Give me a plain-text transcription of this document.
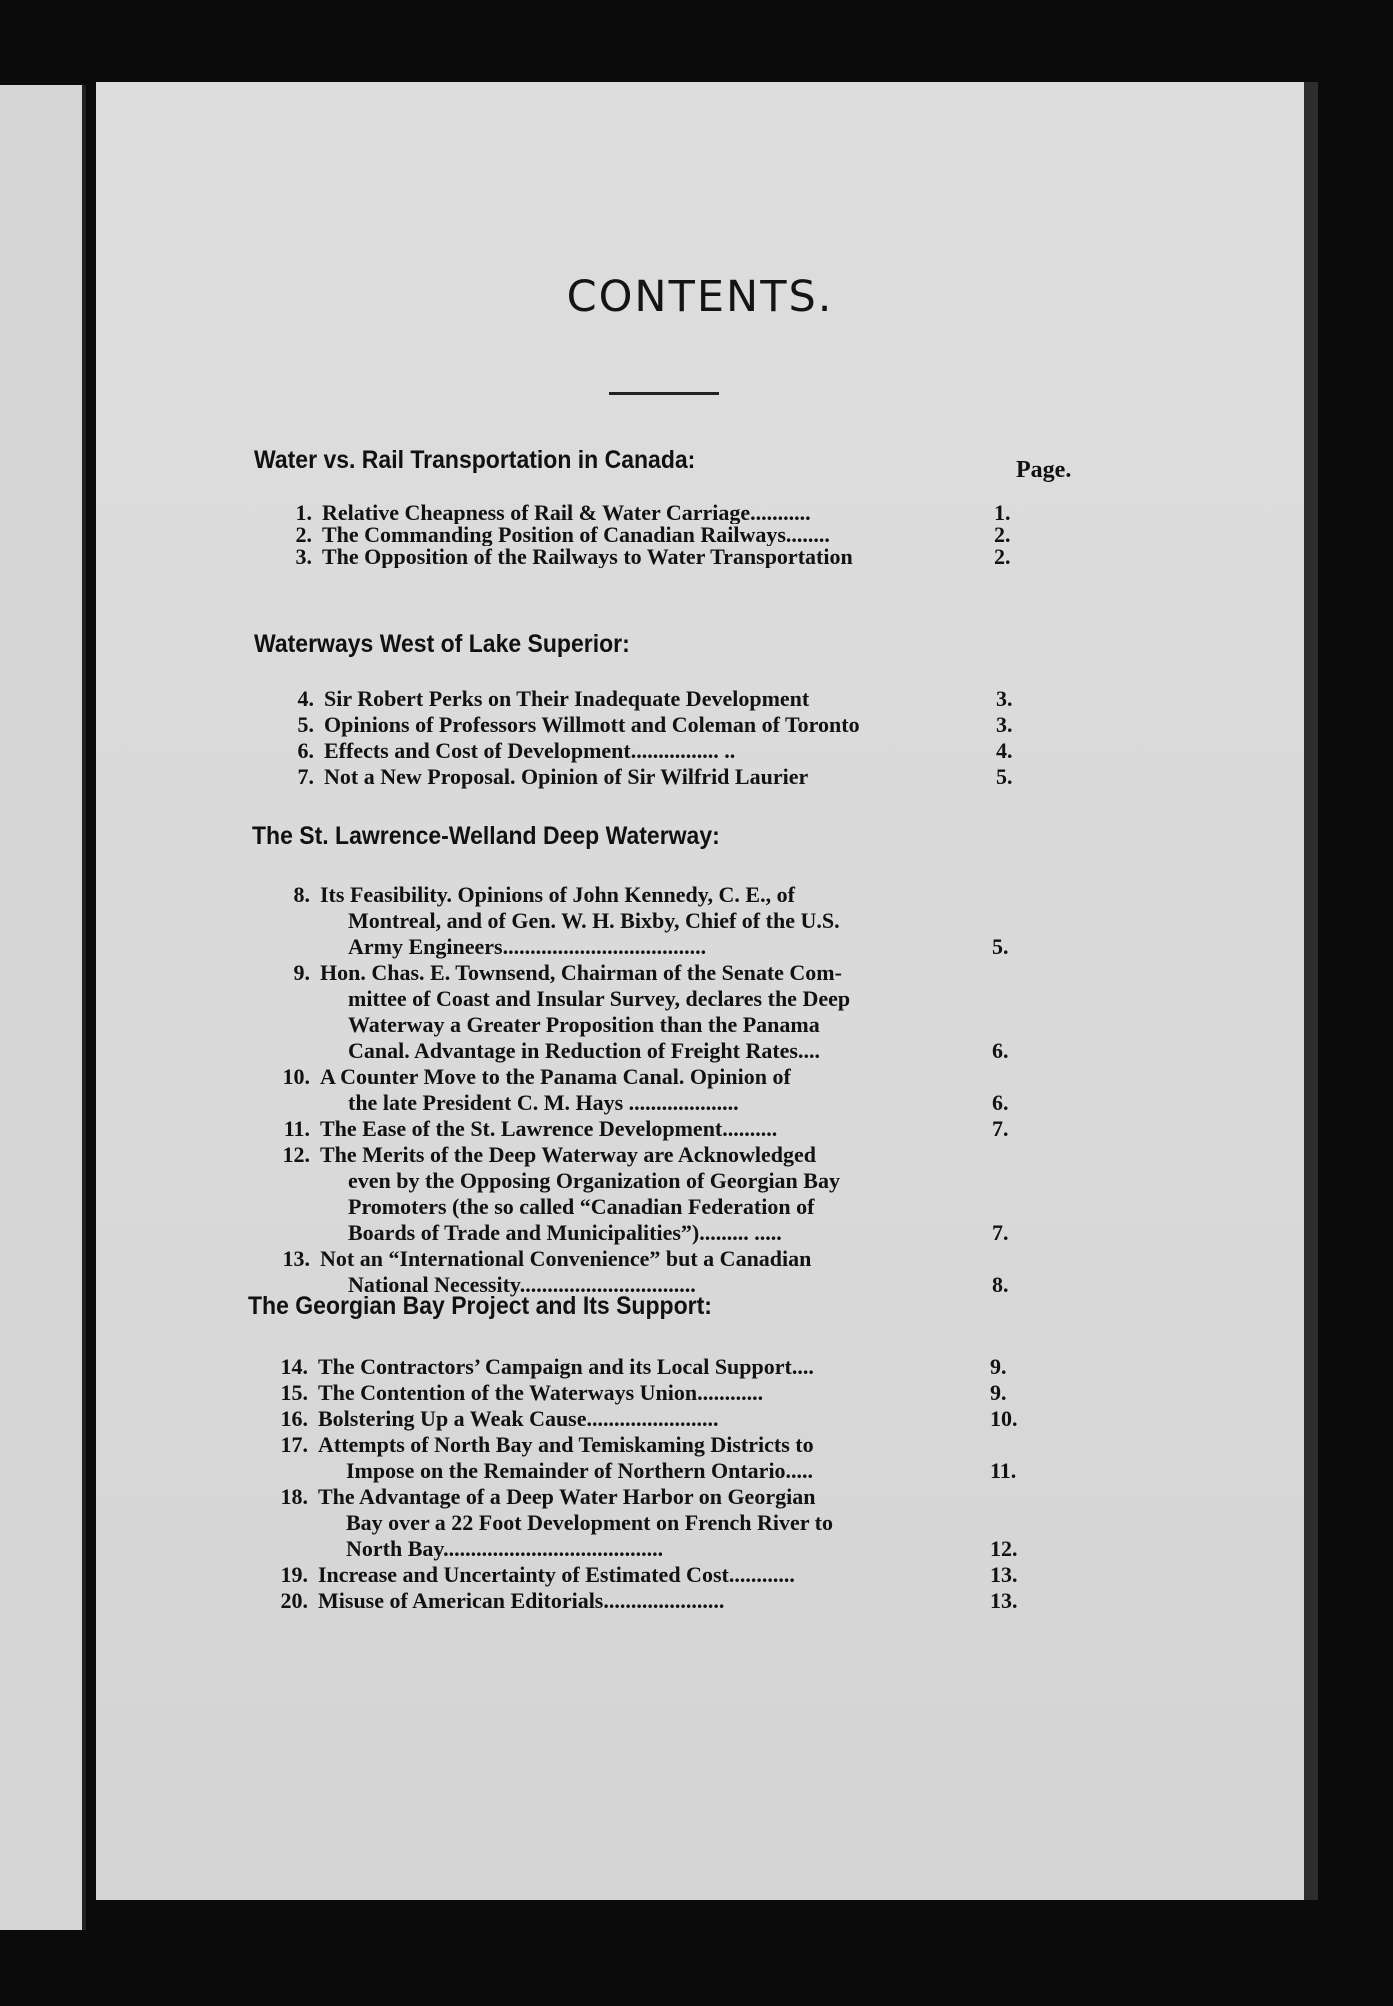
CONTENTS.
Page.
Water vs. Rail Transportation in Canada:
1. Relative Cheapness of Rail & Water Carriage...........	1.
2. The Commanding Position of Canadian Railways........	2.
3. The Opposition of the Railways to Water Transportation	2.
Waterways West of Lake Superior:
4. Sir Robert Perks on Their Inadequate Development	3.
5. Opinions of Professors Willmott and Coleman of Toronto	3.
6. Effects and Cost of Development................ ..	4.
7. Not a New Proposal. Opinion of Sir Wilfrid Laurier	5.
The St. Lawrence-Welland Deep Waterway:
8. Its Feasibility. Opinions of John Kennedy, C. E., of
Montreal, and of Gen. W. H. Bixby, Chief of the U.S.
Army Engineers.....................................	5.
9. Hon. Chas. E. Townsend, Chairman of the Senate Com-
mittee of Coast and Insular Survey, declares the Deep
Waterway a Greater Proposition than the Panama
Canal. Advantage in Reduction of Freight Rates....	6.
10. A Counter Move to the Panama Canal. Opinion of
the late President C. M. Hays ....................	6.
11. The Ease of the St. Lawrence Development..........	7.
12. The Merits of the Deep Waterway are Acknowledged
even by the Opposing Organization of Georgian Bay
Promoters (the so called “Canadian Federation of
Boards of Trade and Municipalities”)......... .....	7.
13. Not an “International Convenience” but a Canadian
National Necessity................................	8.
The Georgian Bay Project and Its Support:
14. The Contractors’ Campaign and its Local Support....	9.
15. The Contention of the Waterways Union............	9.
16. Bolstering Up a Weak Cause........................	10.
17. Attempts of North Bay and Temiskaming Districts to
Impose on the Remainder of Northern Ontario.....	11.
18. The Advantage of a Deep Water Harbor on Georgian
Bay over a 22 Foot Development on French River to
North Bay........................................	12.
19. Increase and Uncertainty of Estimated Cost............	13.
20. Misuse of American Editorials......................	13.
